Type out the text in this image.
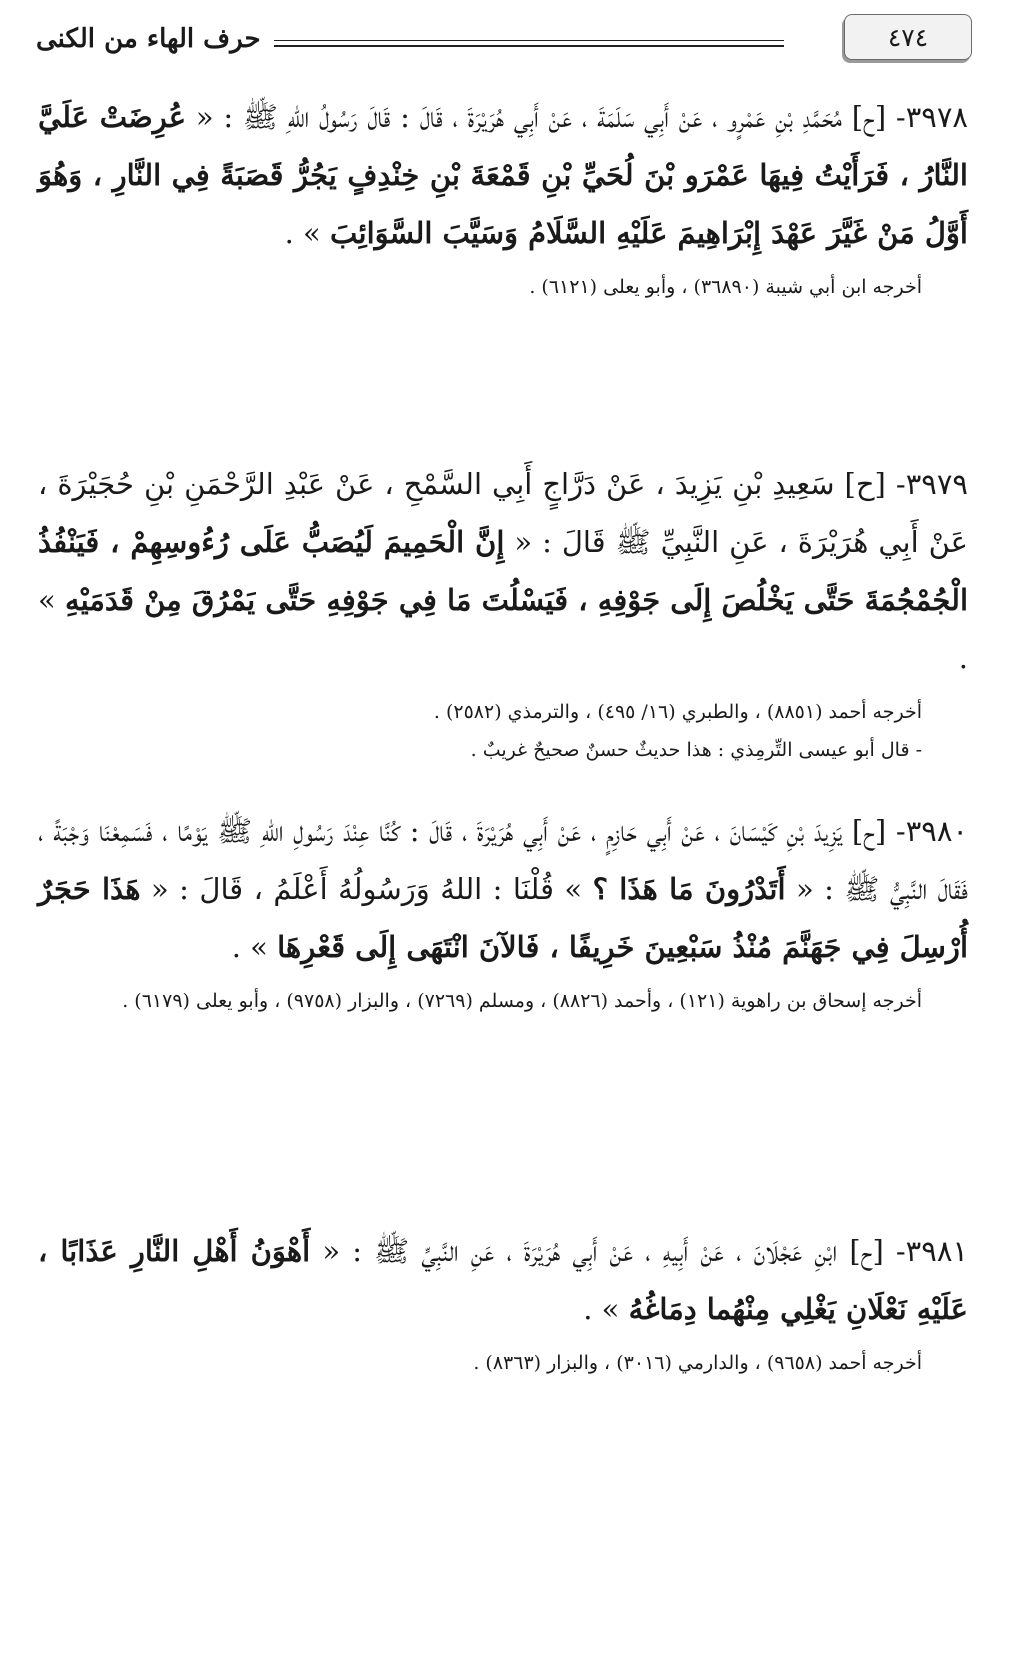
٤٧٤
حرف الهاء من الكنى

٣٩٧٨- [ح] مُحَمَّدِ بْنِ عَمْرٍو ، عَنْ أَبِي سَلَمَةَ ، عَنْ أَبِي هُرَيْرَةَ ، قَالَ : قَالَ رَسُولُ اللهِ ﷺ : « عُرِضَتْ عَلَيَّ النَّارُ ، فَرَأَيْتُ فِيهَا عَمْرَو بْنَ لُحَيِّ بْنِ قَمْعَةَ بْنِ خِنْدِفٍ يَجُرُّ قَصَبَةً فِي النَّارِ ، وَهُوَ أَوَّلُ مَنْ غَيَّرَ عَهْدَ إِبْرَاهِيمَ عَلَيْهِ السَّلَامُ وَسَيَّبَ السَّوَائِبَ » .

أخرجه ابن أبي شيبة (٣٦٨٩٠) ، وأبو يعلى (٦١٢١) .

٣٩٧٩- [ح] سَعِيدِ بْنِ يَزِيدَ ، عَنْ دَرَّاجٍ أَبِي السَّمْحِ ، عَنْ عَبْدِ الرَّحْمَنِ بْنِ حُجَيْرَةَ ، عَنْ أَبِي هُرَيْرَةَ ، عَنِ النَّبِيِّ ﷺ قَالَ : « إِنَّ الْحَمِيمَ لَيُصَبُّ عَلَى رُءُوسِهِمْ ، فَيَنْفُذُ الْجُمْجُمَةَ حَتَّى يَخْلُصَ إِلَى جَوْفِهِ ، فَيَسْلُتَ مَا فِي جَوْفِهِ حَتَّى يَمْرُقَ مِنْ قَدَمَيْهِ » .

أخرجه أحمد (٨٨٥١) ، والطبري (١٦/ ٤٩٥) ، والترمذي (٢٥٨٢) .

- قال أبو عيسى التِّرمِذي : هذا حديثٌ حسنٌ صحيحٌ غريبٌ .

٣٩٨٠- [ح] يَزِيدَ بْنِ كَيْسَانَ ، عَنْ أَبِي حَازِمٍ ، عَنْ أَبِي هُرَيْرَةَ ، قَالَ : كُنَّا عِنْدَ رَسُولِ اللهِ ﷺ يَوْمًا ، فَسَمِعْنَا وَجْبَةً ، فَقَالَ النَّبِيُّ ﷺ : « أَتَدْرُونَ مَا هَذَا ؟ » قُلْنَا : اللهُ وَرَسُولُهُ أَعْلَمُ ، قَالَ : « هَذَا حَجَرٌ أُرْسِلَ فِي جَهَنَّمَ مُنْذُ سَبْعِينَ خَرِيفًا ، فَالآنَ انْتَهَى إِلَى قَعْرِهَا » .

أخرجه إسحاق بن راهوية (١٢١) ، وأحمد (٨٨٢٦) ، ومسلم (٧٢٦٩) ، والبزار (٩٧٥٨) ، وأبو يعلى (٦١٧٩) .

٣٩٨١- [ح] ابْنِ عَجْلَانَ ، عَنْ أَبِيهِ ، عَنْ أَبِي هُرَيْرَةَ ، عَنِ النَّبِيِّ ﷺ : « أَهْوَنُ أَهْلِ النَّارِ عَذَابًا ، عَلَيْهِ نَعْلَانِ يَغْلِي مِنْهُما دِمَاغُهُ » .

أخرجه أحمد (٩٦٥٨) ، والدارمي (٣٠١٦) ، والبزار (٨٣٦٣) .
